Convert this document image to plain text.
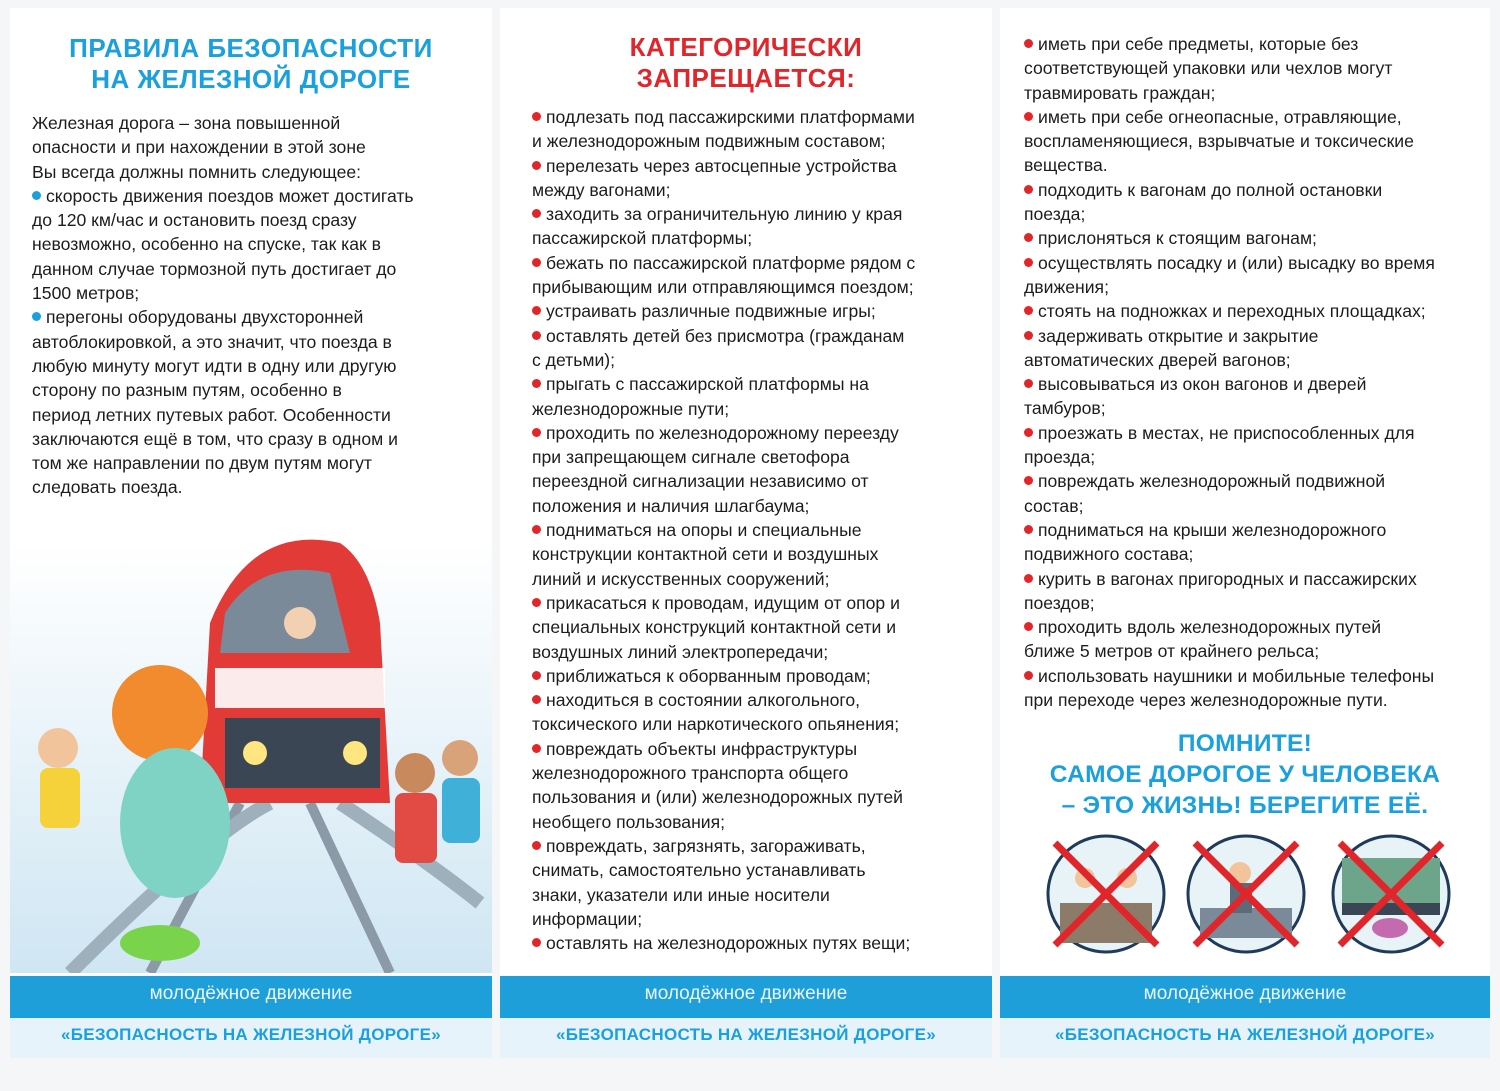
ПРАВИЛА БЕЗОПАСНОСТИ
НА ЖЕЛЕЗНОЙ ДОРОГЕ
Железная дорога – зона повышенной
опасности и при нахождении в этой зоне
Вы всегда должны помнить следующее:
скорость движения поездов может достигать
до 120 км/час и остановить поезд сразу
невозможно, особенно на спуске, так как в
данном случае тормозной путь достигает до
1500 метров;
перегоны оборудованы двухсторонней
автоблокировкой, а это значит, что поезда в
любую минуту могут идти в одну или другую
сторону по разным путям, особенно в
период летних путевых работ. Особенности
заключаются ещё в том, что сразу в одном и
том же направлении по двум путям могут
следовать поезда.
молодёжное движение
«БЕЗОПАСНОСТЬ НА ЖЕЛЕЗНОЙ ДОРОГЕ»
КАТЕГОРИЧЕСКИ
ЗАПРЕЩАЕТСЯ:
подлезать под пассажирскими платформами
и железнодорожным подвижным составом;
перелезать через автосцепные устройства
между вагонами;
заходить за ограничительную линию у края
пассажирской платформы;
бежать по пассажирской платформе рядом с
прибывающим или отправляющимся поездом;
устраивать различные подвижные игры;
оставлять детей без присмотра (гражданам
с детьми);
прыгать с пассажирской платформы на
железнодорожные пути;
проходить по железнодорожному переезду
при запрещающем сигнале светофора
переездной сигнализации независимо от
положения и наличия шлагбаума;
подниматься на опоры и специальные
конструкции контактной сети и воздушных
линий и искусственных сооружений;
прикасаться к проводам, идущим от опор и
специальных конструкций контактной сети и
воздушных линий электропередачи;
приближаться к оборванным проводам;
находиться в состоянии алкогольного,
токсического или наркотического опьянения;
повреждать объекты инфраструктуры
железнодорожного транспорта общего
пользования и (или) железнодорожных путей
необщего пользования;
повреждать, загрязнять, загораживать,
снимать, самостоятельно устанавливать
знаки, указатели или иные носители
информации;
оставлять на железнодорожных путях вещи;
молодёжное движение
«БЕЗОПАСНОСТЬ НА ЖЕЛЕЗНОЙ ДОРОГЕ»
иметь при себе предметы, которые без
соответствующей упаковки или чехлов могут
травмировать граждан;
иметь при себе огнеопасные, отравляющие,
воспламеняющиеся, взрывчатые и токсические
вещества.
подходить к вагонам до полной остановки
поезда;
прислоняться к стоящим вагонам;
осуществлять посадку и (или) высадку во время
движения;
стоять на подножках и переходных площадках;
задерживать открытие и закрытие
автоматических дверей вагонов;
высовываться из окон вагонов и дверей
тамбуров;
проезжать в местах, не приспособленных для
проезда;
повреждать железнодорожный подвижной
состав;
подниматься на крыши железнодорожного
подвижного состава;
курить в вагонах пригородных и пассажирских
поездов;
проходить вдоль железнодорожных путей
ближе 5 метров от крайнего рельса;
использовать наушники и мобильные телефоны
при переходе через железнодорожные пути.
ПОМНИТЕ!
САМОЕ ДОРОГОЕ У ЧЕЛОВЕКА
– ЭТО ЖИЗНЬ! БЕРЕГИТЕ ЕЁ.
молодёжное движение
«БЕЗОПАСНОСТЬ НА ЖЕЛЕЗНОЙ ДОРОГЕ»
